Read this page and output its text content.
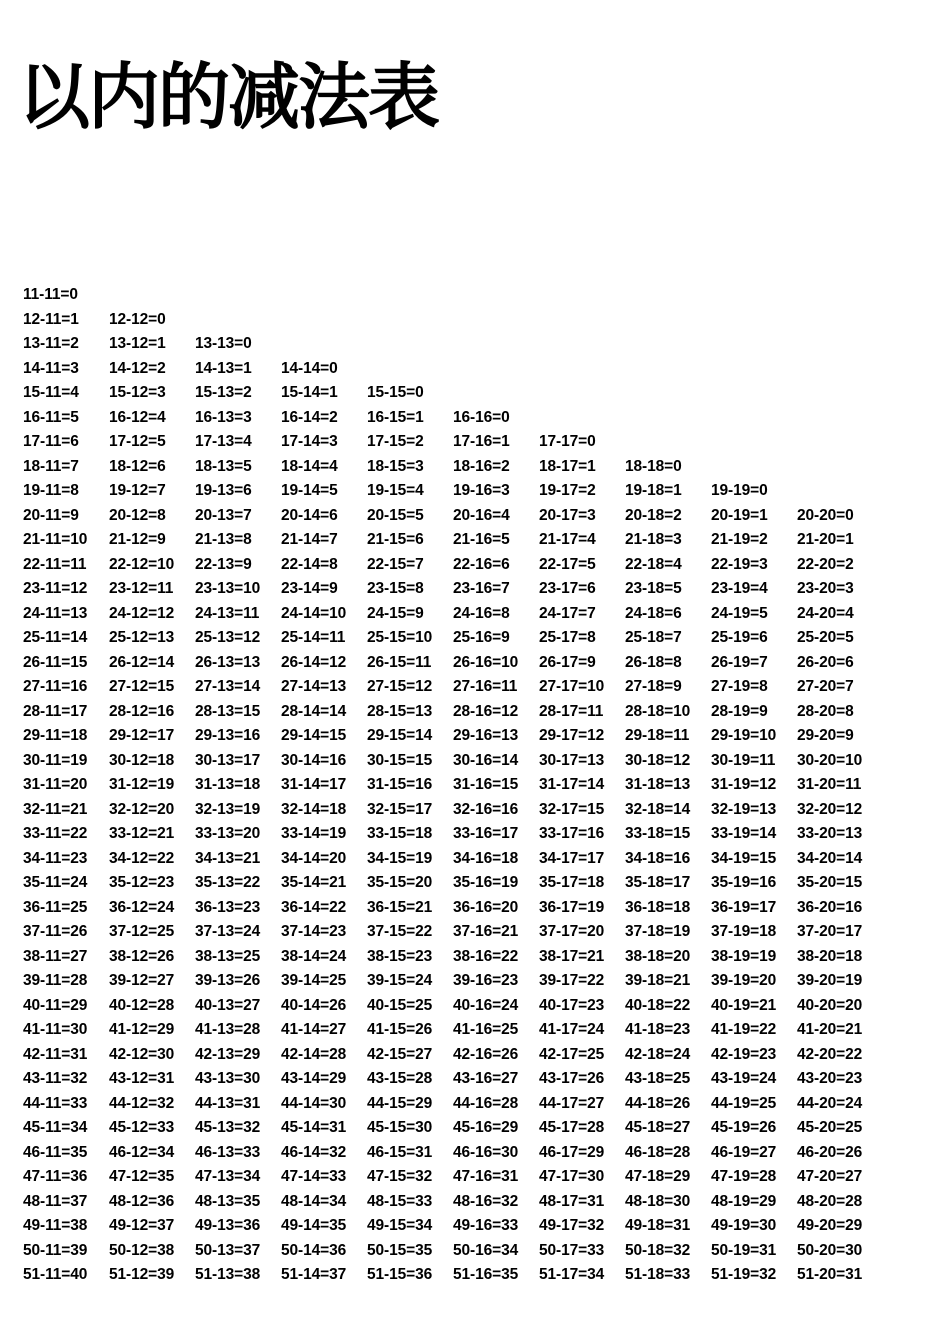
以内的减法表
11-11=0
12-11=1	12-12=0
13-11=2	13-12=1	13-13=0
14-11=3	14-12=2	14-13=1	14-14=0
15-11=4	15-12=3	15-13=2	15-14=1	15-15=0
16-11=5	16-12=4	16-13=3	16-14=2	16-15=1	16-16=0
17-11=6	17-12=5	17-13=4	17-14=3	17-15=2	17-16=1	17-17=0
18-11=7	18-12=6	18-13=5	18-14=4	18-15=3	18-16=2	18-17=1	18-18=0
19-11=8	19-12=7	19-13=6	19-14=5	19-15=4	19-16=3	19-17=2	19-18=1	19-19=0
20-11=9	20-12=8	20-13=7	20-14=6	20-15=5	20-16=4	20-17=3	20-18=2	20-19=1	20-20=0
21-11=10	21-12=9	21-13=8	21-14=7	21-15=6	21-16=5	21-17=4	21-18=3	21-19=2	21-20=1
22-11=11	22-12=10	22-13=9	22-14=8	22-15=7	22-16=6	22-17=5	22-18=4	22-19=3	22-20=2
23-11=12	23-12=11	23-13=10	23-14=9	23-15=8	23-16=7	23-17=6	23-18=5	23-19=4	23-20=3
24-11=13	24-12=12	24-13=11	24-14=10	24-15=9	24-16=8	24-17=7	24-18=6	24-19=5	24-20=4
25-11=14	25-12=13	25-13=12	25-14=11	25-15=10	25-16=9	25-17=8	25-18=7	25-19=6	25-20=5
26-11=15	26-12=14	26-13=13	26-14=12	26-15=11	26-16=10	26-17=9	26-18=8	26-19=7	26-20=6
27-11=16	27-12=15	27-13=14	27-14=13	27-15=12	27-16=11	27-17=10	27-18=9	27-19=8	27-20=7
28-11=17	28-12=16	28-13=15	28-14=14	28-15=13	28-16=12	28-17=11	28-18=10	28-19=9	28-20=8
29-11=18	29-12=17	29-13=16	29-14=15	29-15=14	29-16=13	29-17=12	29-18=11	29-19=10	29-20=9
30-11=19	30-12=18	30-13=17	30-14=16	30-15=15	30-16=14	30-17=13	30-18=12	30-19=11	30-20=10
31-11=20	31-12=19	31-13=18	31-14=17	31-15=16	31-16=15	31-17=14	31-18=13	31-19=12	31-20=11
32-11=21	32-12=20	32-13=19	32-14=18	32-15=17	32-16=16	32-17=15	32-18=14	32-19=13	32-20=12
33-11=22	33-12=21	33-13=20	33-14=19	33-15=18	33-16=17	33-17=16	33-18=15	33-19=14	33-20=13
34-11=23	34-12=22	34-13=21	34-14=20	34-15=19	34-16=18	34-17=17	34-18=16	34-19=15	34-20=14
35-11=24	35-12=23	35-13=22	35-14=21	35-15=20	35-16=19	35-17=18	35-18=17	35-19=16	35-20=15
36-11=25	36-12=24	36-13=23	36-14=22	36-15=21	36-16=20	36-17=19	36-18=18	36-19=17	36-20=16
37-11=26	37-12=25	37-13=24	37-14=23	37-15=22	37-16=21	37-17=20	37-18=19	37-19=18	37-20=17
38-11=27	38-12=26	38-13=25	38-14=24	38-15=23	38-16=22	38-17=21	38-18=20	38-19=19	38-20=18
39-11=28	39-12=27	39-13=26	39-14=25	39-15=24	39-16=23	39-17=22	39-18=21	39-19=20	39-20=19
40-11=29	40-12=28	40-13=27	40-14=26	40-15=25	40-16=24	40-17=23	40-18=22	40-19=21	40-20=20
41-11=30	41-12=29	41-13=28	41-14=27	41-15=26	41-16=25	41-17=24	41-18=23	41-19=22	41-20=21
42-11=31	42-12=30	42-13=29	42-14=28	42-15=27	42-16=26	42-17=25	42-18=24	42-19=23	42-20=22
43-11=32	43-12=31	43-13=30	43-14=29	43-15=28	43-16=27	43-17=26	43-18=25	43-19=24	43-20=23
44-11=33	44-12=32	44-13=31	44-14=30	44-15=29	44-16=28	44-17=27	44-18=26	44-19=25	44-20=24
45-11=34	45-12=33	45-13=32	45-14=31	45-15=30	45-16=29	45-17=28	45-18=27	45-19=26	45-20=25
46-11=35	46-12=34	46-13=33	46-14=32	46-15=31	46-16=30	46-17=29	46-18=28	46-19=27	46-20=26
47-11=36	47-12=35	47-13=34	47-14=33	47-15=32	47-16=31	47-17=30	47-18=29	47-19=28	47-20=27
48-11=37	48-12=36	48-13=35	48-14=34	48-15=33	48-16=32	48-17=31	48-18=30	48-19=29	48-20=28
49-11=38	49-12=37	49-13=36	49-14=35	49-15=34	49-16=33	49-17=32	49-18=31	49-19=30	49-20=29
50-11=39	50-12=38	50-13=37	50-14=36	50-15=35	50-16=34	50-17=33	50-18=32	50-19=31	50-20=30
51-11=40	51-12=39	51-13=38	51-14=37	51-15=36	51-16=35	51-17=34	51-18=33	51-19=32	51-20=31
